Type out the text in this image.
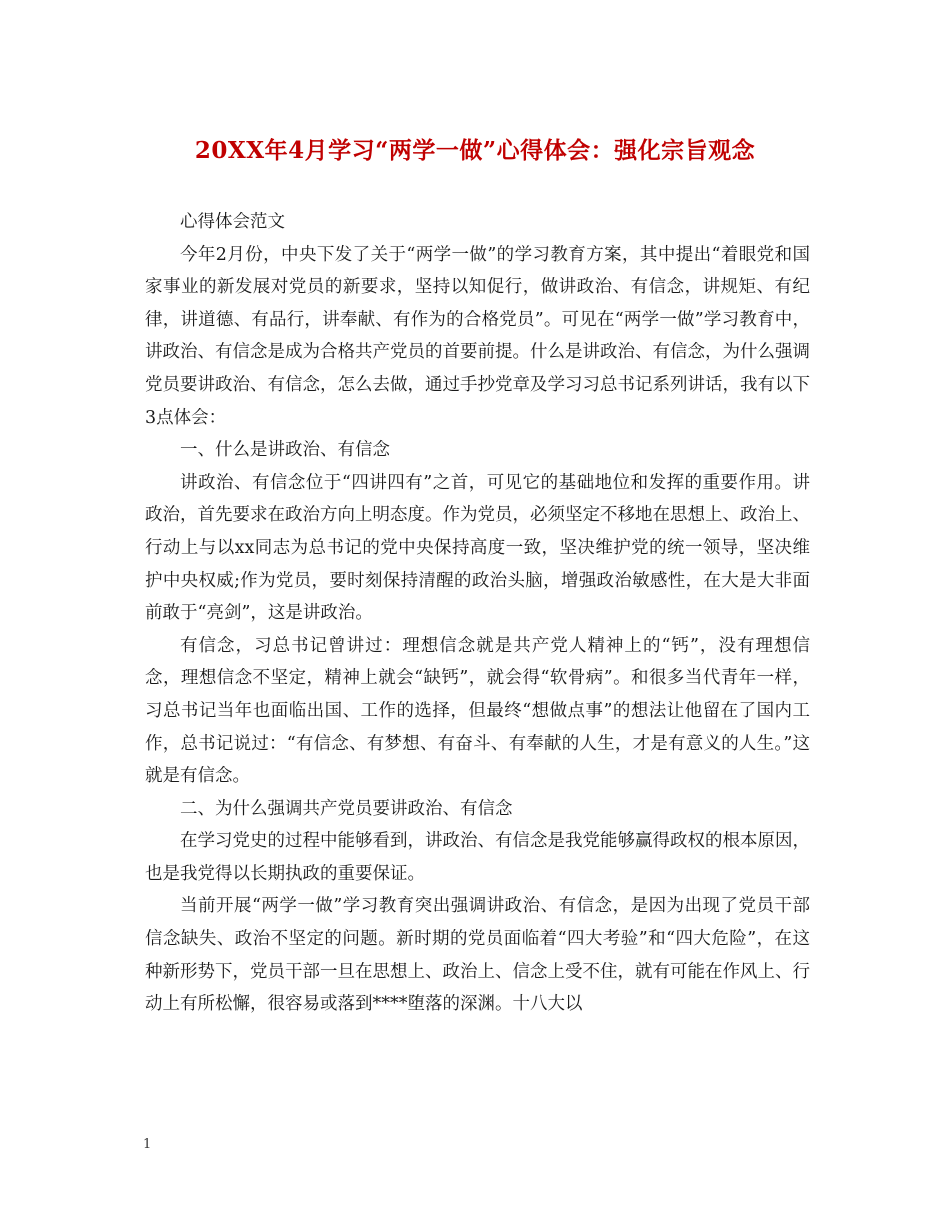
20XX年4月学习“两学一做”心得体会：强化宗旨观念

心得体会范文

今年2月份，中央下发了关于“两学一做”的学习教育方案，其中提出“着眼党和国家事业的新发展对党员的新要求，坚持以知促行，做讲政治、有信念，讲规矩、有纪律，讲道德、有品行，讲奉献、有作为的合格党员”。可见在“两学一做”学习教育中，讲政治、有信念是成为合格共产党员的首要前提。什么是讲政治、有信念，为什么强调党员要讲政治、有信念，怎么去做，通过手抄党章及学习习总书记系列讲话，我有以下3点体会：

一、什么是讲政治、有信念

讲政治、有信念位于“四讲四有”之首，可见它的基础地位和发挥的重要作用。讲政治，首先要求在政治方向上明态度。作为党员，必须坚定不移地在思想上、政治上、行动上与以xx同志为总书记的党中央保持高度一致，坚决维护党的统一领导，坚决维护中央权威;作为党员，要时刻保持清醒的政治头脑，增强政治敏感性，在大是大非面前敢于“亮剑”，这是讲政治。

有信念，习总书记曾讲过：理想信念就是共产党人精神上的“钙”，没有理想信念，理想信念不坚定，精神上就会“缺钙”，就会得“软骨病”。和很多当代青年一样，习总书记当年也面临出国、工作的选择，但最终“想做点事”的想法让他留在了国内工作，总书记说过：“有信念、有梦想、有奋斗、有奉献的人生，才是有意义的人生。”这就是有信念。

二、为什么强调共产党员要讲政治、有信念

在学习党史的过程中能够看到，讲政治、有信念是我党能够赢得政权的根本原因，也是我党得以长期执政的重要保证。

当前开展“两学一做”学习教育突出强调讲政治、有信念，是因为出现了党员干部信念缺失、政治不坚定的问题。新时期的党员面临着“四大考验”和“四大危险”，在这种新形势下，党员干部一旦在思想上、政治上、信念上受不住，就有可能在作风上、行动上有所松懈，很容易或落到****堕落的深渊。十八大以

1
